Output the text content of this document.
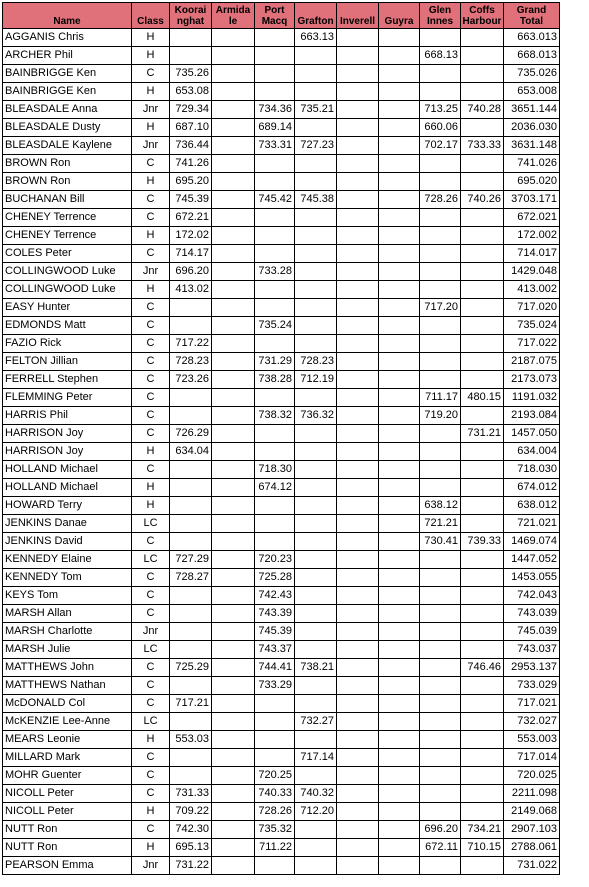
Name	Class	Koorai nghat	Armida le	Port Macq	Grafton	Inverell	Guyra	Glen Innes	Coffs Harbour	Grand Total
AGGANIS Chris	H				663.13					663.013
ARCHER Phil	H							668.13		668.013
BAINBRIGGE Ken	C	735.26								735.026
BAINBRIGGE Ken	H	653.08								653.008
BLEASDALE Anna	Jnr	729.34		734.36	735.21			713.25	740.28	3651.144
BLEASDALE Dusty	H	687.10		689.14				660.06		2036.030
BLEASDALE Kaylene	Jnr	736.44		733.31	727.23			702.17	733.33	3631.148
BROWN Ron	C	741.26								741.026
BROWN Ron	H	695.20								695.020
BUCHANAN Bill	C	745.39		745.42	745.38			728.26	740.26	3703.171
CHENEY Terrence	C	672.21								672.021
CHENEY Terrence	H	172.02								172.002
COLES Peter	C	714.17								714.017
COLLINGWOOD Luke	Jnr	696.20		733.28						1429.048
COLLINGWOOD Luke	H	413.02								413.002
EASY Hunter	C							717.20		717.020
EDMONDS Matt	C			735.24						735.024
FAZIO Rick	C	717.22								717.022
FELTON Jillian	C	728.23		731.29	728.23					2187.075
FERRELL Stephen	C	723.26		738.28	712.19					2173.073
FLEMMING Peter	C							711.17	480.15	1191.032
HARRIS Phil	C			738.32	736.32			719.20		2193.084
HARRISON Joy	C	726.29							731.21	1457.050
HARRISON Joy	H	634.04								634.004
HOLLAND Michael	C			718.30						718.030
HOLLAND Michael	H			674.12						674.012
HOWARD Terry	H							638.12		638.012
JENKINS Danae	LC							721.21		721.021
JENKINS David	C							730.41	739.33	1469.074
KENNEDY Elaine	LC	727.29		720.23						1447.052
KENNEDY Tom	C	728.27		725.28						1453.055
KEYS Tom	C			742.43						742.043
MARSH Allan	C			743.39						743.039
MARSH Charlotte	Jnr			745.39						745.039
MARSH Julie	LC			743.37						743.037
MATTHEWS John	C	725.29		744.41	738.21				746.46	2953.137
MATTHEWS Nathan	C			733.29						733.029
McDONALD Col	C	717.21								717.021
McKENZIE Lee-Anne	LC				732.27					732.027
MEARS Leonie	H	553.03								553.003
MILLARD Mark	C				717.14					717.014
MOHR Guenter	C			720.25						720.025
NICOLL Peter	C	731.33		740.33	740.32					2211.098
NICOLL Peter	H	709.22		728.26	712.20					2149.068
NUTT Ron	C	742.30		735.32				696.20	734.21	2907.103
NUTT Ron	H	695.13		711.22				672.11	710.15	2788.061
PEARSON Emma	Jnr	731.22								731.022
